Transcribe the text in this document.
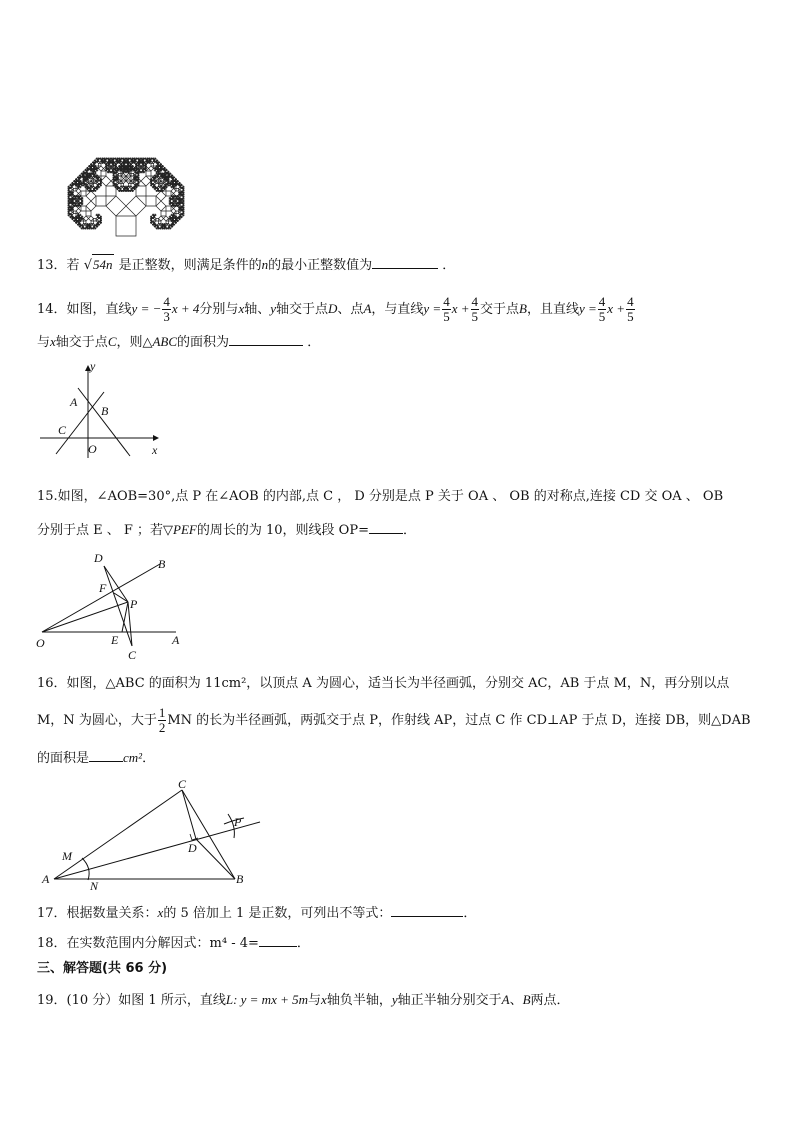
13．若 √54n 是正整数，则满足条件的n的最小正整数值为	．
14．如图，直线y = − $\frac{4}{3}$ x + 4分别与x轴、y轴交于点D、点A，与直线$y = \frac{4}{5}$ $x + \frac{4}{5}$ 交于点B，且直线$y = \frac{4}{5}$ $x + \frac{4}{5}$
与x轴交于点C，则△ABC的面积为	．
y
x
A
B
C
O
15.如图，∠AOB=30°,点 P 在∠AOB 的内部,点 C ， D 分别是点 P 关于 OA 、 OB 的对称点,连接 CD 交 OA 、 OB
分别于点 E 、 F ；若▽PEF的周长的为 10，则线段 OP=	．
D	B
F
P
O	E	A
C
16．如图，△ABC 的面积为 11cm²，以顶点 A 为圆心，适当长为半径画弧，分别交 AC，AB 于点 M，N，再分别以点
M，N 为圆心，大于 $\frac{1}{2}$ MN 的长为半径画弧，两弧交于点 P，作射线 AP，过点 C 作 CD⊥AP 于点 D，连接 DB，则△DAB
的面积是	cm²．
C
P
D
M
A	N	B
17．根据数量关系：x的 5 倍加上 1 是正数，可列出不等式：	．
18．在实数范围内分解因式：m⁴ - 4=	．
三、解答题(共 66 分)
19．(10 分）如图 1 所示，直线L: y = mx + 5m与x轴负半轴，y轴正半轴分别交于A、B两点．
